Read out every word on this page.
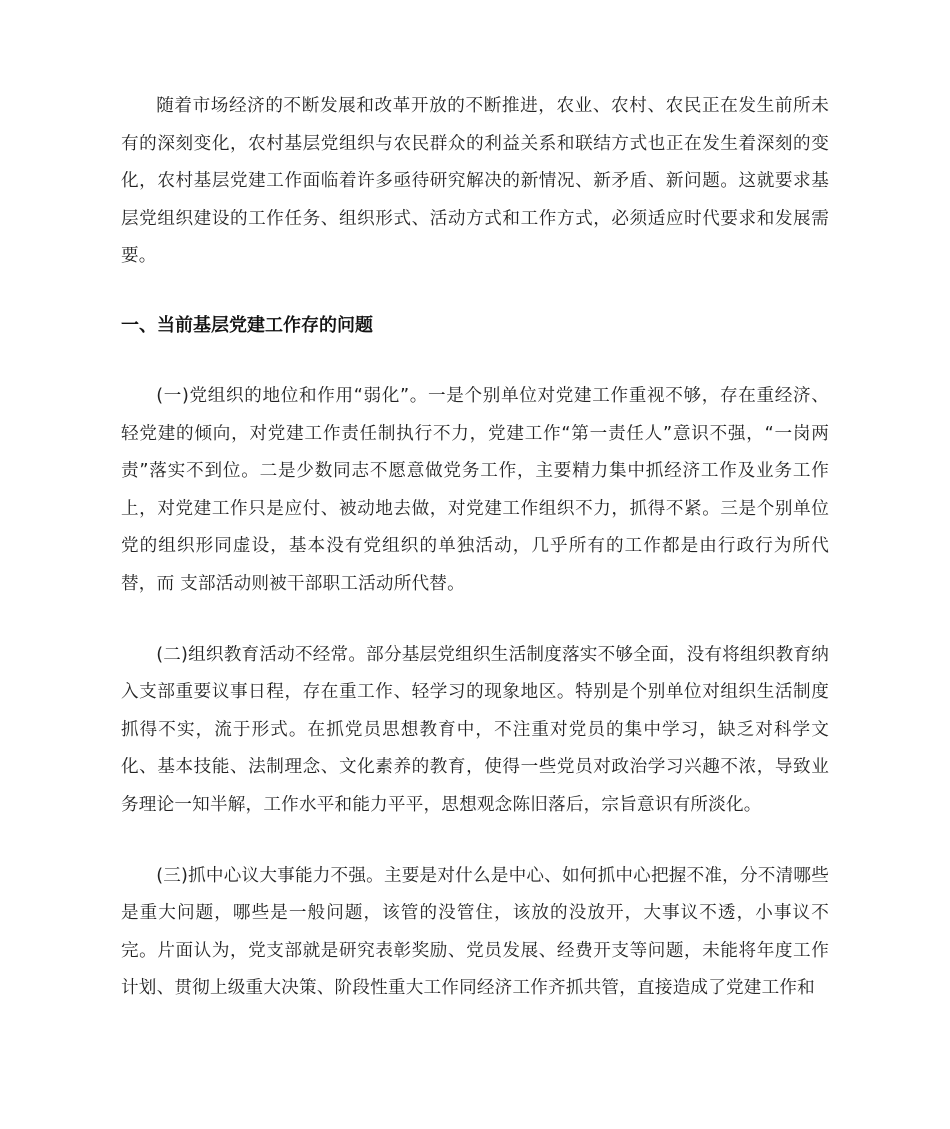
随着市场经济的不断发展和改革开放的不断推进，农业、农村、农民正在发生前所未有的深刻变化，农村基层党组织与农民群众的利益关系和联结方式也正在发生着深刻的变化，农村基层党建工作面临着许多亟待研究解决的新情况、新矛盾、新问题。这就要求基层党组织建设的工作任务、组织形式、活动方式和工作方式，必须适应时代要求和发展需要。

一、当前基层党建工作存的问题

(一)党组织的地位和作用“弱化”。一是个别单位对党建工作重视不够，存在重经济、轻党建的倾向，对党建工作责任制执行不力，党建工作“第一责任人”意识不强，“一岗两责”落实不到位。二是少数同志不愿意做党务工作，主要精力集中抓经济工作及业务工作上，对党建工作只是应付、被动地去做，对党建工作组织不力，抓得不紧。三是个别单位党的组织形同虚设，基本没有党组织的单独活动，几乎所有的工作都是由行政行为所代替，而 支部活动则被干部职工活动所代替。

(二)组织教育活动不经常。部分基层党组织生活制度落实不够全面，没有将组织教育纳入支部重要议事日程，存在重工作、轻学习的现象地区。特别是个别单位对组织生活制度抓得不实，流于形式。在抓党员思想教育中，不注重对党员的集中学习，缺乏对科学文化、基本技能、法制理念、文化素养的教育，使得一些党员对政治学习兴趣不浓，导致业务理论一知半解，工作水平和能力平平，思想观念陈旧落后，宗旨意识有所淡化。

(三)抓中心议大事能力不强。主要是对什么是中心、如何抓中心把握不准，分不清哪些是重大问题，哪些是一般问题，该管的没管住，该放的没放开，大事议不透，小事议不完。片面认为，党支部就是研究表彰奖励、党员发展、经费开支等问题，未能将年度工作计划、贯彻上级重大决策、阶段性重大工作同经济工作齐抓共管，直接造成了党建工作和
